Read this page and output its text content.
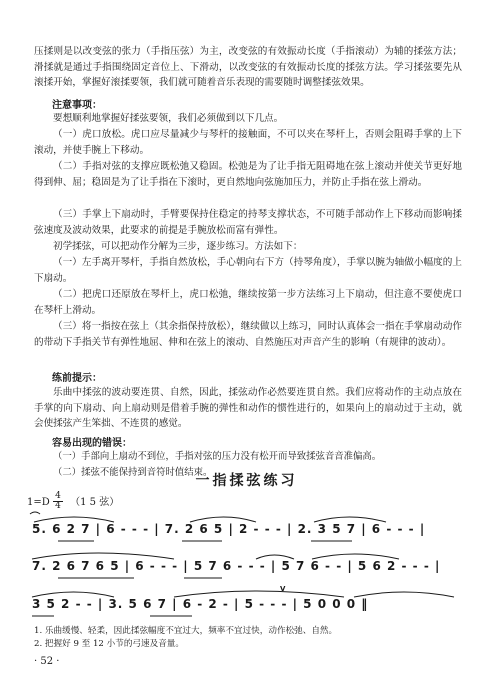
压揉则是以改变弦的张力（手指压弦）为主，改变弦的有效振动长度（手指滚动）为辅的揉弦方法；滑揉就是通过手指围绕固定音位上、下滑动，以改变弦的有效振动长度的揉弦方法。学习揉弦要先从滚揉开始，掌握好滚揉要领，我们就可随着音乐表现的需要随时调整揉弦效果。
注意事项：
要想顺利地掌握好揉弦要领，我们必须做到以下几点。
（一）虎口放松。虎口应尽量减少与琴杆的接触面，不可以夹在琴杆上，否则会阻碍手掌的上下滚动，并使手腕上下移动。
（二）手指对弦的支撑应既松弛又稳固。松弛是为了让手指无阻碍地在弦上滚动并使关节更好地得到伸、屈；稳固是为了让手指在下滚时，更自然地向弦施加压力，并防止手指在弦上滑动。
（三）手掌上下扇动时，手臂要保持住稳定的持琴支撑状态，不可随手部动作上下移动而影响揉弦速度及波动效果，此要求的前提是手腕放松而富有弹性。
初学揉弦，可以把动作分解为三步，逐步练习。方法如下：
（一）左手离开琴杆，手指自然放松，手心朝向右下方（持琴角度），手掌以腕为轴做小幅度的上下扇动。
（二）把虎口还原放在琴杆上，虎口松弛，继续按第一步方法练习上下扇动，但注意不要使虎口在琴杆上滑动。
（三）将一指按在弦上（其余指保持放松），继续做以上练习，同时认真体会一指在手掌扇动动作的带动下手指关节有弹性地屈、伸和在弦上的滚动、自然施压对声音产生的影响（有规律的波动）。
练前提示：
乐曲中揉弦的波动要连贯、自然，因此，揉弦动作必然要连贯自然。我们应将动作的主动点放在手掌的向下扇动、向上扇动则是借着手腕的弹性和动作的惯性进行的，如果向上的扇动过于主动，就会使揉弦产生笨拙、不连贯的感觉。
容易出现的错误：
（一）手部向上扇动不到位，手指对弦的压力没有松开而导致揉弦音音准偏高。
（二）揉弦不能保持到音符时值结束。
一指揉弦练习
$1=D \frac{4}{4} (1$ 5 弦）
5. 6 2 7 | 6 - - - | 7. 2 6 5 | 2 - - - | 2. 3 5 7 | 6 - - - |
7. 2 6 7 6 5 | 6 - - - | 5 7 6 - - - | 5 7 6 - - | 5 6 2 - - - |
V
3 5 2 - - | 3. 5 6 7 | 6 - 2 - | 5 - - - | 5 0 0 0 ‖
1. 乐曲缓慢、轻柔，因此揉弦幅度不宜过大，频率不宜过快，动作松弛、自然。
2. 把握好 9 至 12 小节的弓速及音量。
· 52 ·
